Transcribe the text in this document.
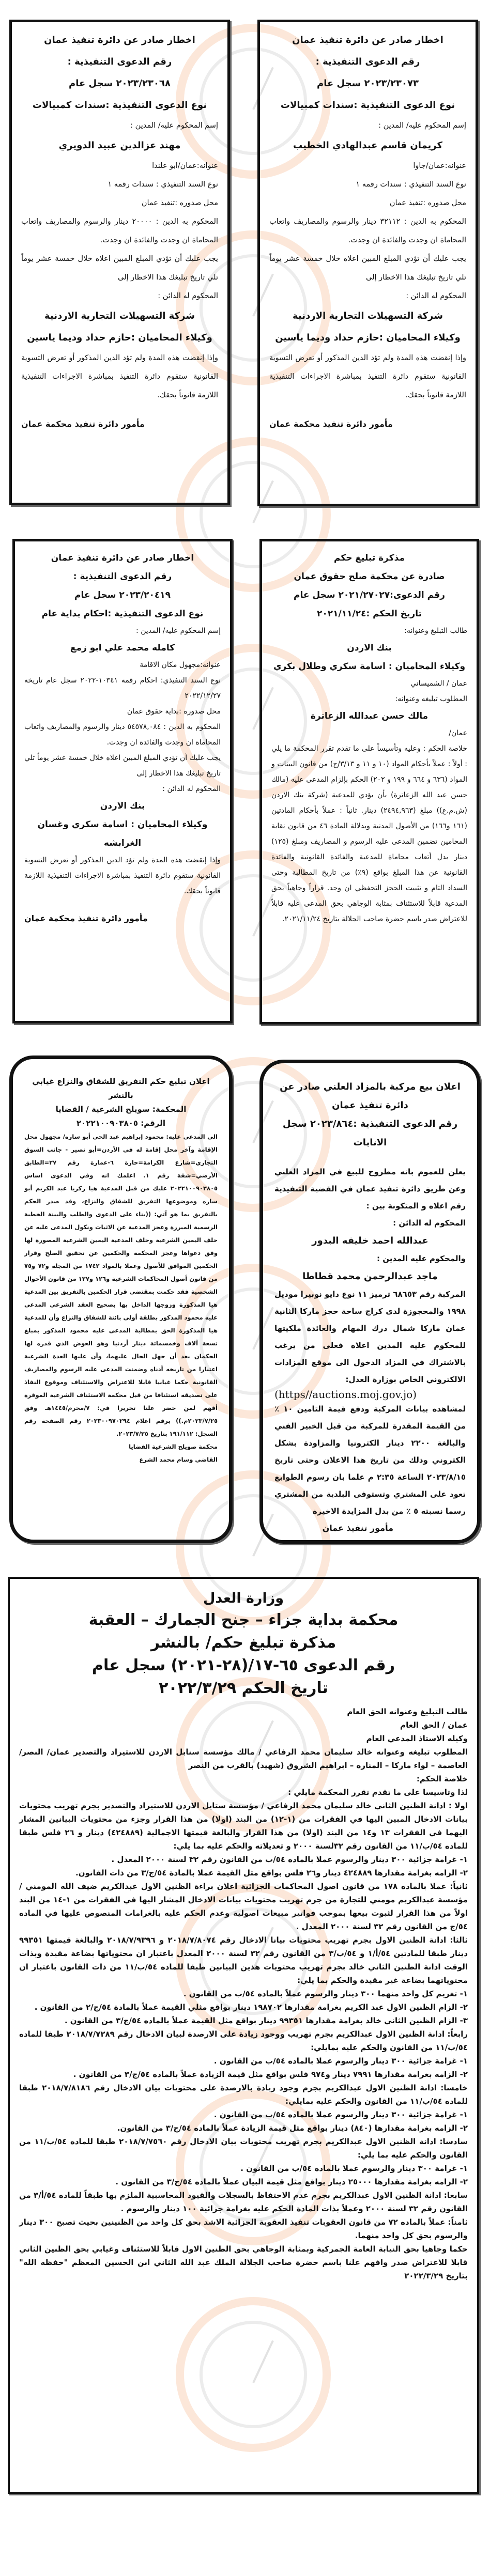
اخطار صادر عن دائرة تنفيذ عمان
رقم الدعوى التنفيذية :
٢٠٢٣/٢٣٠٧٣ سجل عام
نوع الدعوى التنفيذية :سندات كمبيالات

إسم المحكوم عليه/ المدين :

كريمان قاسم عبدالهادي الخطيب

عنوانه:عمان/جاوا

نوع السند التنفيذي : سندات رقمه ١

محل صدوره :تنفيذ عمان

المحكوم به الدين : ٣٢١١٢ دينار والرسوم والمصاريف واتعاب المحاماة ان وجدت والفائدة ان وجدت.

يجب عليك أن تؤدي المبلغ المبين اعلاه خلال خمسة عشر يوماً تلي تاريخ تبليغك هذا الاخطار إلى

المحكوم له الدائن :

شركة التسهيلات التجارية الاردنية
وكيلاء المحاميان :حازم حداد وديما ياسين

وإذا إنقضت هذه المدة ولم تؤد الدين المذكور أو تعرض التسوية القانونية ستقوم دائرة التنفيذ بمباشرة الاجراءات التنفيذية اللازمة قانوناً بحقك.

مأمور دائرة تنفيذ محكمة عمان
اخطار صادر عن دائرة تنفيذ عمان
رقم الدعوى التنفيذية :
٢٠٢٣/٢٣٠٦٨ سجل عام
نوع الدعوى التنفيذية :سندات كمبيالات

إسم المحكوم عليه/ المدين :

مهند عزالدين عبيد الدويري

عنوانه:عمان/ابو علندا

نوع السند التنفيذي : سندات رقمه ١

محل صدوره :تنفيذ عمان

المحكوم به الدين : ٢٠٠٠٠ دينار والرسوم والمصاريف واتعاب المحاماة ان وجدت والفائدة ان وجدت.

يجب عليك أن تؤدي المبلغ المبين اعلاه خلال خمسة عشر يوماً تلي تاريخ تبليغك هذا الاخطار إلى

المحكوم له الدائن :

شركة التسهيلات التجارية الاردنية
وكيلاء المحاميان :حازم حداد وديما ياسين

وإذا إنقضت هذه المدة ولم تؤد الدين المذكور أو تعرض التسوية القانونية ستقوم دائرة التنفيذ بمباشرة الاجراءات التنفيذية اللازمة قانوناً بحقك.

مأمور دائرة تنفيذ محكمة عمان
مذكرة تبليغ حكم
صادرة عن محكمة صلح حقوق عمان
رقم الدعوى:٢٠٢١/٢٧٠٢٧ سجل عام
تاريخ الحكم :٢٠٢١/١١/٢٤

طالب التبليغ وعنوانه:

بنك الاردن
وكيلاء المحاميان : اسامة سكري وطلال بكري

عمان / الشميساني

المطلوب تبليغه وعنوانه:

مالك حسن عبدالله الزعاترة

عمان/

خلاصة الحكم : وعليه وتأسيساً على ما تقدم تقرر المحكمة ما يلي : أولاً : عملاً بأحكام المواد (١٠ و ١١ و ٣/١٣/ج) من قانون البينات و المواد (٦٣٦ و ٦٦٤ و ١٩٩ و ٢٠٢) الحكم بإلزام المدعى عليه (مالك حسن عبد الله الزعاترة) بأن يؤدي للمدعية (شركة بنك الاردن (ش.م.ع)) مبلغ (٢٤٩٤,٩٦٣) دينار. ثانياً : عملاً بأحكام المادتين (١٦١ و١٦٦) من الأصول المدنية وبدلالة المادة ٤٦ من قانون نقابة المحامين تضمين المدعى عليه الرسوم و المصاريف ومبلغ (١٢٥) دينار بدل أتعاب محاماة للمدعية والفائدة القانونية والفائدة القانونية عن هذا المبلغ بواقع (٩٪) من تاريخ المطالبة وحتى السداد التام و تثبيت الحجز التحفظي ان وجد. قراراً وجاهياً بحق المدعية قابلاً للاستئناف بمثابة الوجاهي بحق المدعى عليه قابلاً للاعتراض صدر باسم حضرة صاحب الجلالة بتاريخ ٢٠٢١/١١/٢٤.

اخطار صادر عن دائرة تنفيذ عمان
رقم الدعوى التنفيذية :
٢٠٢٣/٢٠٤١٩ سجل عام
نوع الدعوى التنفيذية :احكام بداية عام

إسم المحكوم عليه/ المدين :

كامله محمد علي ابو زمع

عنوانه:مجهول مكان الاقامة

نوع السند التنفيذي: احكام رقمه ١٠٣٤١-٢٠٢٢ سجل عام تاريخه ٢٠٢٢/١٢/٢٧

محل صدوره :بداية حقوق عمان

المحكوم به الدين : ٥٤٥٧٨,٠٨٤ دينار والرسوم والمصاريف واتعاب المحاماة ان وجدت والفائدة ان وجدت.

يجب عليك أن تؤدي المبلغ المبين اعلاه خلال خمسة عشر يوماً تلي تاريخ تبليغك هذا الاخطار إلى

المحكوم له الدائن :

بنك الاردن
وكيلاء المحاميان : اسامة سكري وغسان الغرابشه

وإذا إنقضت هذه المدة ولم تؤد الدين المذكور أو تعرض التسوية القانونية ستقوم دائرة التنفيذ بمباشرة الاجراءات التنفيذية اللازمة قانوناً بحقك.

مأمور دائرة تنفيذ محكمة عمان
اعلان بيع مركبة بالمزاد العلني صادر عن دائرة تنفيذ عمان
رقم الدعوى التنفيذية :٢٠٢٣/٨٦٤ سجل الانابات

يعلن للعموم بانه مطروح للبيع في المزاد العلني وعن طريق دائرة تنفيذ عمان في القضية التنفيذية رقم اعلاه و المتكونة بين :

المحكوم له الدائن :

عبدالله احمد خليفه البدور

والمحكوم عليه المدين :

ماجد عبدالرحمن محمد قطاطا

المركبة رقم ٦٨٦٥٣ ترميز ١١ نوع دايو نوبيرا موديل ١٩٩٨ والمحجوزة لدى كراج ساحة حجز ماركا الثانية عمان ماركا شمال درك المهام والعائدة ملكيتها للمحكوم عليه المدين اعلاه فعلى من يرغب بالاشتراك في المزاد الدخول الى موقع المزادات الالكتروني الخاص بوزارة العدل:

(https//auctions.moj.gov.jo)

لمشاهده بيانات المركبة ودفع قيمة التامين ١٠ ٪ من القيمة المقدرة للمركبة من قبل الخبير الفني والبالغة ٢٢٠٠ دينار الكترونيا والمزاودة بشكل الكتروني وذلك من تاريخ هذا الاعلان وحتى تاريخ ٢٠٢٣/٨/١٥ الساعة ٢:٣٥ م علما بان رسوم الطوابع تعود على المشتري وتستوفى البلدية من المشتري رسما نسبته ٥ ٪ من بدل المزايدة الاخيرة

مأمور تنفيذ عمان
اعلان تبليغ حكم التفريق للشقاق والنزاع غيابي بالنشر
المحكمة: سويلح الشرعية / القضايا
الرقم: ٢٠٢٢١٠٠٩٠٣٨٠٥

الى المدعى عليه: محمود إبراهيم عبد الحي أبو ساره/ مجهول محل الإقامة وآخر محل إقامة له في الأردن=أبو نصير - جانب السوق التجاري=شارع الكرامة=حارة ٦-عمارة رقم ٢٧=الطابق الأرضي=شقة رقم ١. اعلمك انه وفي الدعوى اساس ٢٠٢٢١٠٠٩٠٣٨٠٥ عليك من قبل المدعية هيا زكريا عبد الكريم أبو ساره وموضوعها التفريق للشقاق والنزاع، وقد صدر الحكم بالتفريق بما هو آتي: ((بناء على الدعوى والطلب والبينة الخطية الرسمية المبرزة وعجز المدعية عن الاثبات ونكول المدعى عليه عن حلف اليمين الشرعية وحلف المدعية اليمين الشرعية المصورة لها وفق دعواها وعجز المحكمة والحكمين عن تحقيق الصلح وقرار الحكمين الموافق للأصول وعملا بالمواد ١٧٤٢ من المجلة و٧٢ و٧٥ من قانون أصول المحاكمات الشرعية و١٢٦ و١٢٧ من قانون الأحوال الشخصية فقد حكمت بمقتضى قرار الحكمين بالتفريق بين المدعية هيا المذكورة وزوجها الداخل بها بصحيح العقد الشرعي المدعى عليه محمود المذكور بطلقة أولى بائنة للشقاق والنزاع وأن للمدعية هيا المذكورة الحق بمطالبة المدعى عليه محمود المذكور بمبلغ تسعة آلاف وخمسمائة دينار أردنيا وهو العوض الذي قدره لها الحكمان بعد أن جهل الحال عليهما، وأن عليها العدة الشرعية اعتبارا من تاريخه أدناه وضمنت المدعى عليه الرسوم والمصاريف القانونية حكما غيابيا قابلا للاعتراض والاستئناف وموقوع النفاذ على تصديقه استئنافا من قبل محكمة الاستئناف الشرعية الموقرة أفهم لمن حضر علنا تحريرا في: ٧/محرم/١٤٤٥هـ وفق ٢٠٢٣/٧/٢٥م.)) برقم اعلام ٢٠٢٣٠٠٩٧٠٢٩٤ رقم الصفحة رقم السجل: ١٩١/١١٢ بتاريخ ٢٠٢٣/٧/٢٥.

محكمة صويلح الشرعية القضايا

القاضي وسام محمد الشرع

وزارة العدل
محكمة بداية جزاء – جنح الجمارك – العقبة
مذكرة تبليغ حكم/ بالنشر
رقم الدعوى ٦٥-١٧/(٢٨-٢٠٢١) سجل عام
تاريخ الحكم ٢٠٢٢/٣/٢٩

طالب التبليغ وعنوانه الحق العام

عمان / الحق العام

وكيله الاستاذ المدعي العام

المطلوب تبليغه وعنوانه خالد سليمان محمد الرفاعي / مالك مؤسسة سنابل الاردن للاستيراد والتصدير عمان/ النصر/ العاصمة – لواء ماركا – المناره – ابراهيم الشروق (شهيد) بالقرب من النصر

خلاصة الحكم:

لذا وتاسيسا على ما تقدم تقرر المحكمة مايلي :

اولا : ادانة الظنين الثاني خالد سليمان محمد الرفاعي / مؤسسة ستايل الاردن للاستيراد والتصدير بجرم تهريب محتويات بيانات الادخال المبين اليها في الفقرات من (١-١٢) من البند (اولا) من هذا القرار وجزء من محتويات البيانين المشار اليهما في الفقرات ١٣ و١٤ من البند (اولا) من هذا القرار والبالغة قيمتها الاجمالية (٤٢٤٨٨٩) دينار و ٢٦ فلس طبقا للماده ٥٤/ب/١١ من القانون رقم ٣٢لسنة ٢٠٠٠ و تعديلاته والحكم عليه بما يلي:

١- غرامة جزائية ٣٠٠ دينار والرسوم عملا بالماده ٥٤/ب من القانون رقم ٣٢ لسنة ٢٠٠٠ المعدل .

٢- الزامه بغرامة مقدارها ٤٢٤٨٨٩ دينار و٢٦ فلس بواقع مثل القيمة عملا بالمادة ٥٤/ج/٣ من ذات القانون.

ثانياً: عملا بالماده ١٧٨ من قانون اصول المحاكمات الجزائية اعلان براءة الظنين الاول عبدالكريم ضيف الله المومني / مؤسسة عبدالكريم مومني للتجارة من جرم تهريب محتويات بيانات الادخال المشار اليها في الفقرات من ١-١٤ من البند اولاً من هذا القرار لثبوت بيعها بموجب فواتير مبيعات اصولية وعدم الحكم عليه بالغرامات المنصوص عليها في الماده ٥٤/ج من القانون رقم ٣٢ لسنة ٢٠٠٠ المعدل .

ثالثا: ادانة الظنين الاول بجرم تهريب محتويات بيانا الادخال رقم ٢٠١٨/٧/٨٠٧٤ و ٢٠١٨/٧/٩٣٩٦ والبالغة قيمتها ٩٩٣٥١ دينار طبقا للمادتين ٥٤/أ/١ و ٥٤/ب/٣ من القانون رقم ٣٢ لسنة ٢٠٠٠ المعدل باعتبار ان محتوياتها بضاعة مقيدة وبذات الوقت ادانة الظنين الثاني خالد بجرم تهريب محتويات هذين البيانين طبقا للماده ٥٤/ب/١١ من ذات القانون باعتبار ان محتوياتهما بضاعة غير مقيدة والحكم بما يلي:

١- تغريم كل واحد منهما ٣٠٠ دينار والرسوم عملاً بالماده ٥٤/ب من القانون .

٢- الزام الظنين الاول عبد الكريم بغرامة مقدارها ١٩٨٧٠٢ دينار بواقع مثلي القيمة عملاً بالمادة ٥٤/ج/٢ من القانون .

٣- الزام الظنين الثاني خالد بغرامة مقدارها ٩٩٣٥١ دينار بواقع مثل القيمة عملاً بالماده ٥٤/ج/٣ من القانون .

رابعاً: ادانة الظنين الاول عبدالكريم بجرم تهريب ووجود زيادة على الارصدة لبيان الادخال رقم ٢٠١٨/٧/٧٢٨٩ طبقا للماده ٥٤/ب/١١ من القانون والحكم عليه بمايلي:

١- غرامة جزائية ٣٠٠ دينار والرسوم عملا بالماده ٥٤/ب من القانون .

٢- الزامه بغرامة مقدارها ٧٩٩١ دينار و٩٧٤ فلس بواقع مثل قيمة الزيادة عملاً بالماده ٥٤/ج/٣ من القانون .

خامسا: ادانة الظنين الاول عبدالكريم بجرم وجود زيادة بالارصدة على محتويات بيان الادخال رقم ٢٠١٨/٧/٨١٨٦ طبقا للماده ٥٤/ب/١١ من القانون والحكم عليه بمايلي:

١- غرامة جزائية ٣٠٠ دينار والرسوم عملا بالماده ٥٤/ب من القانون .

٢- الزامه بغرامة مقدارها (٨٤٠) دينار بواقع مثل قيمة الزيادة عملاً بالماده ٥٤/ج/٣ من القانون.

سادسا: ادانة الظنين الاول عبدالكريم بجرم تهريب محتويات بيان الادخال رقم ٢٠١٨/٧/٧٥٦٠ طبقا للماده ٥٤/ب/١١ من القانون والحكم عليه بما يلي:

١- غرامة ٣٠٠ دينار والرسوم عملا بالماده ٥٤/ب من القانون .

٢- الزامه بغرامة مقدارها ٢٥٠٠٠ دينار بواقع مثل قيمة البيان عملاً بالماده ٥٤/ج/٣ من القانون .

سابعا: ادانة الظنين الاول عبدالكريم بجرم عدم الاحتفاظ بالسجلات والقيود المحاسبية الملزم بها طبقاً للماده ٥٤/أ/٣ من القانون رقم ٣٢ لسنة ٢٠٠٠ وعملاً بذات المادة الحكم عليه بغرامة جزائية ١٠٠ دينار والرسوم .

ثامناً: عملاً بالماده ٧٢ من قانون العقوبات تنفيذ العقوبة الجزائية الاشد بحق كل واحد من الظنينين بحيث تصبح ٣٠٠ دينار والرسوم بحق كل واحد منهما.

حكما وجاهيا بحق النيابة العامة الجمركية وبمثابة الوجاهي بحق الظنين الاول قابلاً للاستئناف وغيابي بحق الظنين الثاني قابلا للاعتراض صدر وافهم علنا باسم حضرة صاحب الجلالة الملك عبد الله الثاني ابن الحسين المعظم "حفظه الله" بتاريخ ٢٠٢٢/٣/٢٩
